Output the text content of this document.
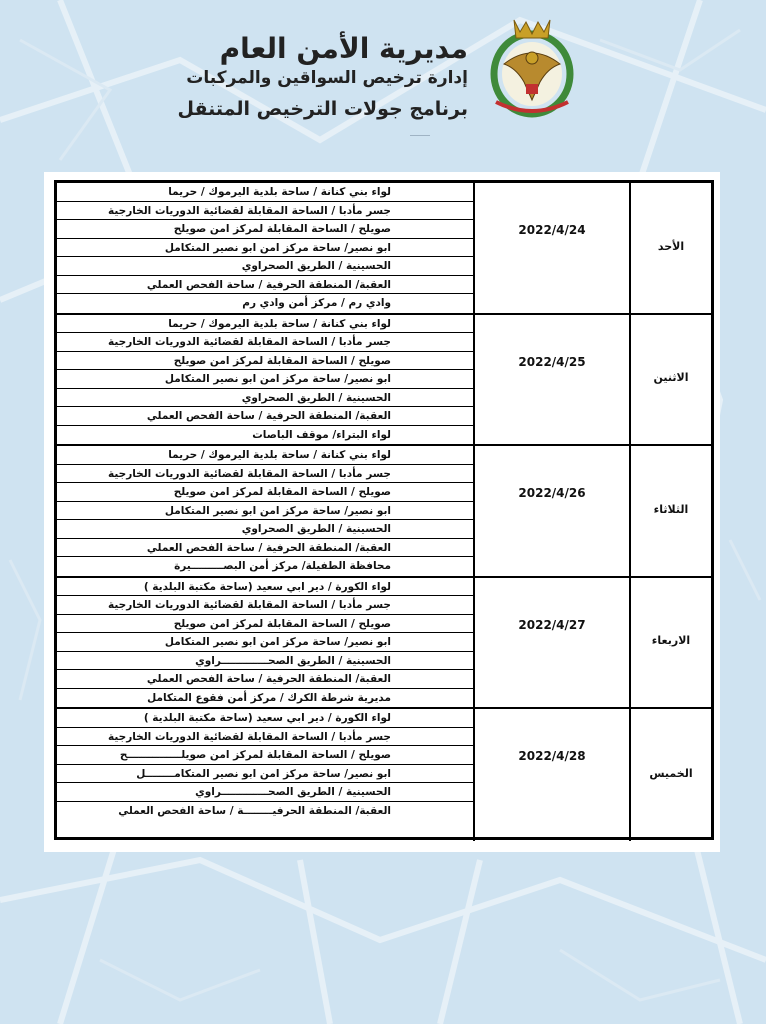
مديرية الأمن العام
إدارة ترخيص السواقين والمركبات
برنامج جولات الترخيص المتنقل
لواء بني كنانة / ساحة بلدية اليرموك / حريما
جسر مأدبا / الساحة المقابلة لقضائية الدوريات الخارجية
صويلح / الساحة المقابلة لمركز امن صويلح
ابو نصير/ ساحة مركز امن ابو نصير المتكامل
الحسينية / الطريق الصحراوي
العقبة/ المنطقة الحرفية / ساحة الفحص العملي
وادي رم / مركز أمن وادي رم
2022/4/24
الأحد
لواء بني كنانة / ساحة بلدية اليرموك / حريما
جسر مأدبا / الساحة المقابلة لقضائية الدوريات الخارجية
صويلح / الساحة المقابلة لمركز امن صويلح
ابو نصير/ ساحة مركز امن ابو نصير المتكامل
الحسينية / الطريق الصحراوي
العقبة/ المنطقة الحرفية / ساحة الفحص العملي
لواء البتراء/ موقف الباصات
2022/4/25
الاثنين
لواء بني كنانة / ساحة بلدية اليرموك / حريما
جسر مأدبا / الساحة المقابلة لقضائية الدوريات الخارجية
صويلح / الساحة المقابلة لمركز امن صويلح
ابو نصير/ ساحة مركز امن ابو نصير المتكامل
الحسينية / الطريق الصحراوي
العقبة/ المنطقة الحرفية / ساحة الفحص العملي
محافظة الطفيلة/ مركز أمن البصـــــــــيرة
2022/4/26
الثلاثاء
لواء الكورة / دير ابي سعيد (ساحة مكتبة البلدية )
جسر مأدبا / الساحة المقابلة لقضائية الدوريات الخارجية
صويلح / الساحة المقابلة لمركز امن صويلح
ابو نصير/ ساحة مركز امن ابو نصير المتكامل
الحسينية / الطريق الصحـــــــــــــراوي
العقبة/ المنطقة الحرفية / ساحة الفحص العملي
مديرية شرطة الكرك / مركز أمن فقوع المتكامل
2022/4/27
الاربعاء
لواء الكورة / دير ابي سعيد (ساحة مكتبة البلدية )
جسر مأدبا / الساحة المقابلة لقضائية الدوريات الخارجية
صويلح / الساحة المقابلة لمركز امن صويلـــــــــــــــح
ابو نصير/ ساحة مركز امن ابو نصير المتكامــــــــل
الحسينية / الطريق الصحـــــــــــــراوي
العقبة/ المنطقة الحرفيــــــــة / ساحة الفحص العملي
2022/4/28
الخميس
